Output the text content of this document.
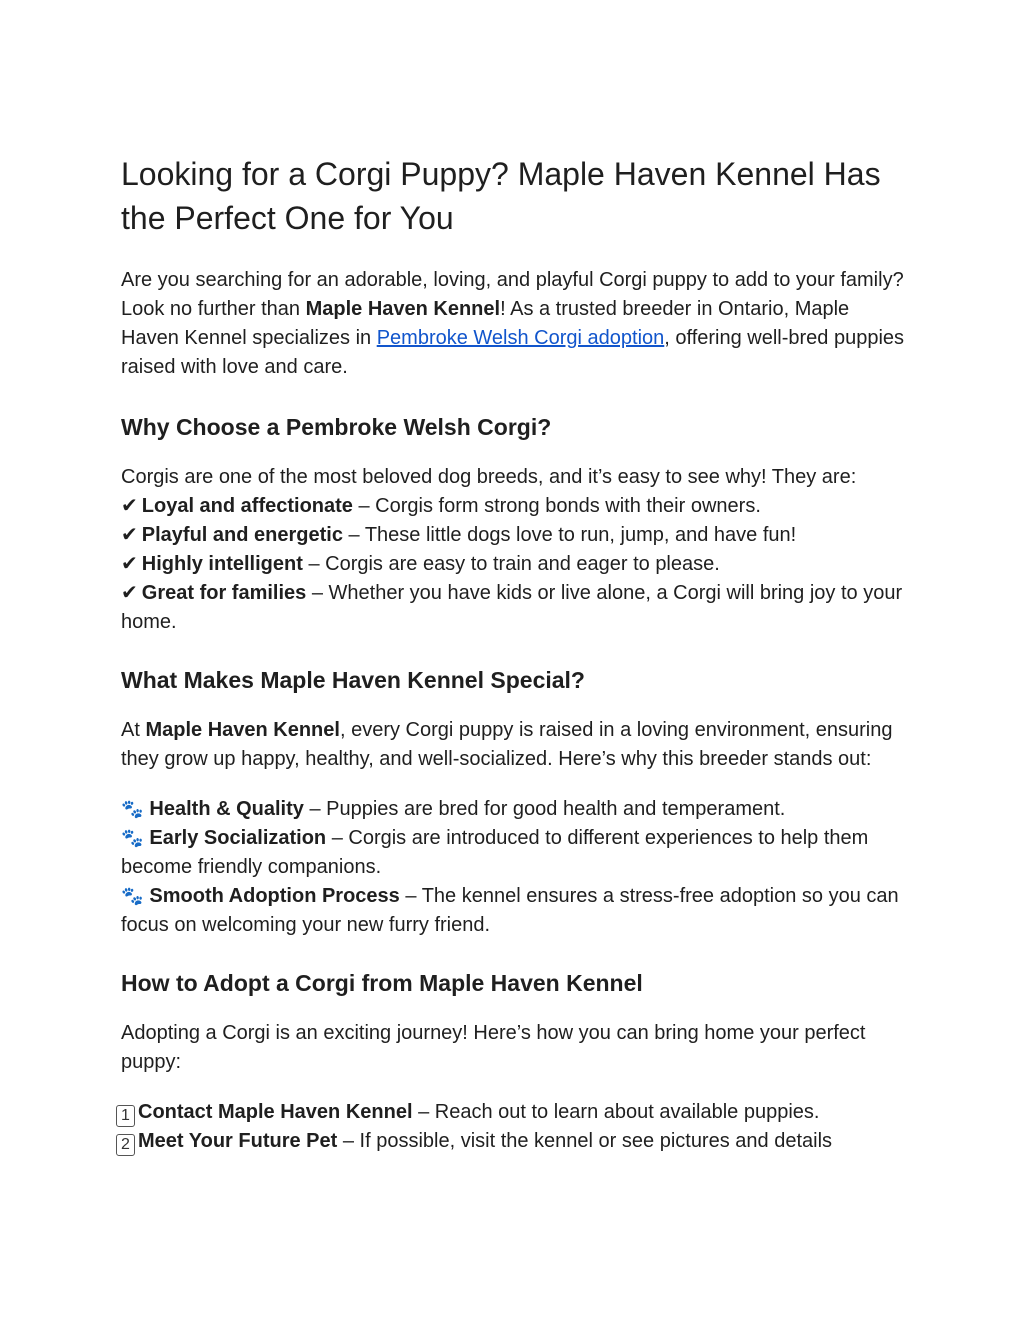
Looking for a Corgi Puppy? Maple Haven Kennel Has the Perfect One for You

Are you searching for an adorable, loving, and playful Corgi puppy to add to your family? Look no further than Maple Haven Kennel! As a trusted breeder in Ontario, Maple Haven Kennel specializes in Pembroke Welsh Corgi adoption, offering well-bred puppies raised with love and care.

Why Choose a Pembroke Welsh Corgi?

Corgis are one of the most beloved dog breeds, and it’s easy to see why! They are:
✔ Loyal and affectionate – Corgis form strong bonds with their owners.
✔ Playful and energetic – These little dogs love to run, jump, and have fun!
✔ Highly intelligent – Corgis are easy to train and eager to please.
✔ Great for families – Whether you have kids or live alone, a Corgi will bring joy to your home.

What Makes Maple Haven Kennel Special?

At Maple Haven Kennel, every Corgi puppy is raised in a loving environment, ensuring they grow up happy, healthy, and well-socialized. Here’s why this breeder stands out:

🐾 Health & Quality – Puppies are bred for good health and temperament.
🐾 Early Socialization – Corgis are introduced to different experiences to help them become friendly companions.
🐾 Smooth Adoption Process – The kennel ensures a stress-free adoption so you can focus on welcoming your new furry friend.

How to Adopt a Corgi from Maple Haven Kennel

Adopting a Corgi is an exciting journey! Here’s how you can bring home your perfect puppy:

1 Contact Maple Haven Kennel – Reach out to learn about available puppies.
2 Meet Your Future Pet – If possible, visit the kennel or see pictures and details
